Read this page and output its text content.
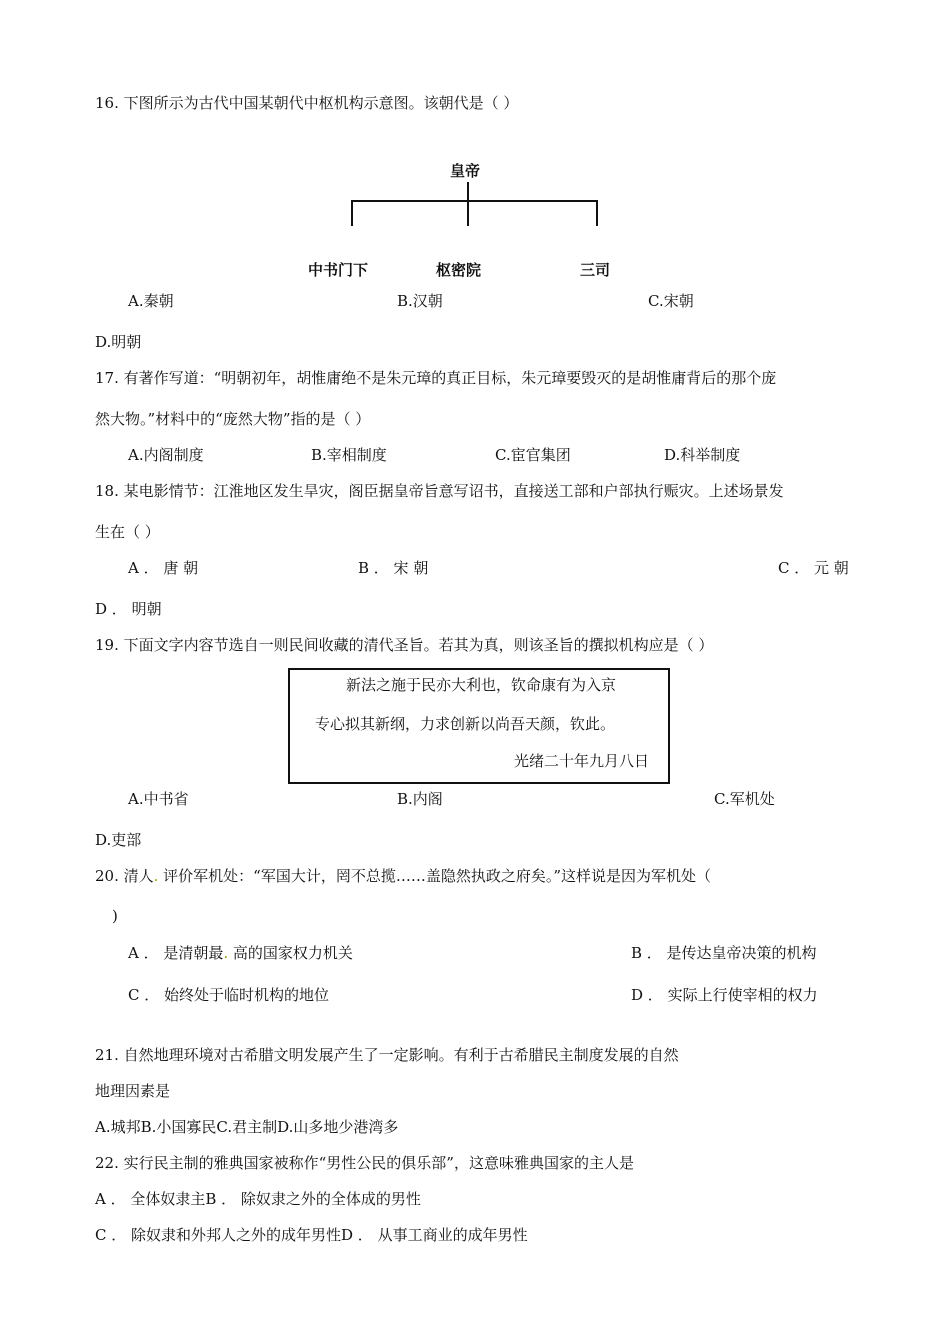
16. 下图所示为古代中国某朝代中枢机构示意图。该朝代是（ ）
皇帝
中书门下	枢密院	三司
A.秦朝	B.汉朝	C.宋朝
D.明朝
17. 有著作写道：“明朝初年，胡惟庸绝不是朱元璋的真正目标，朱元璋要毁灭的是胡惟庸背后的那个庞
然大物。”材料中的“庞然大物”指的是（ ）
A.内阁制度	B.宰相制度	C.宦官集团	D.科举制度
18. 某电影情节：江淮地区发生旱灾，阁臣据皇帝旨意写诏书，直接送工部和户部执行赈灾。上述场景发
生在（ ）
A ． 唐 朝	B ． 宋 朝	C ． 元 朝
D ． 明朝
19. 下面文字内容节选自一则民间收藏的清代圣旨。若其为真，则该圣旨的撰拟机构应是（ ）
新法之施于民亦大利也，钦命康有为入京
专心拟其新纲，力求创新以尚吾天颜，钦此。
光绪二十年九月八日
A.中书省	B.内阁	C.军机处
D.吏部
20. 清人. 评价军机处：“军国大计，罔不总揽……盖隐然执政之府矣。”这样说是因为军机处（
)
A ． 是清朝最. 高的国家权力机关	B ． 是传达皇帝决策的机构
C ． 始终处于临时机构的地位	D ． 实际上行使宰相的权力
21. 自然地理环境对古希腊文明发展产生了一定影响。有利于古希腊民主制度发展的自然
地理因素是
A.城邦B.小国寡民C.君主制D.山多地少港湾多
22. 实行民主制的雅典国家被称作“男性公民的俱乐部”，这意味雅典国家的主人是
A ． 全体奴隶主B ． 除奴隶之外的全体成的男性
C ． 除奴隶和外邦人之外的成年男性D ． 从事工商业的成年男性
